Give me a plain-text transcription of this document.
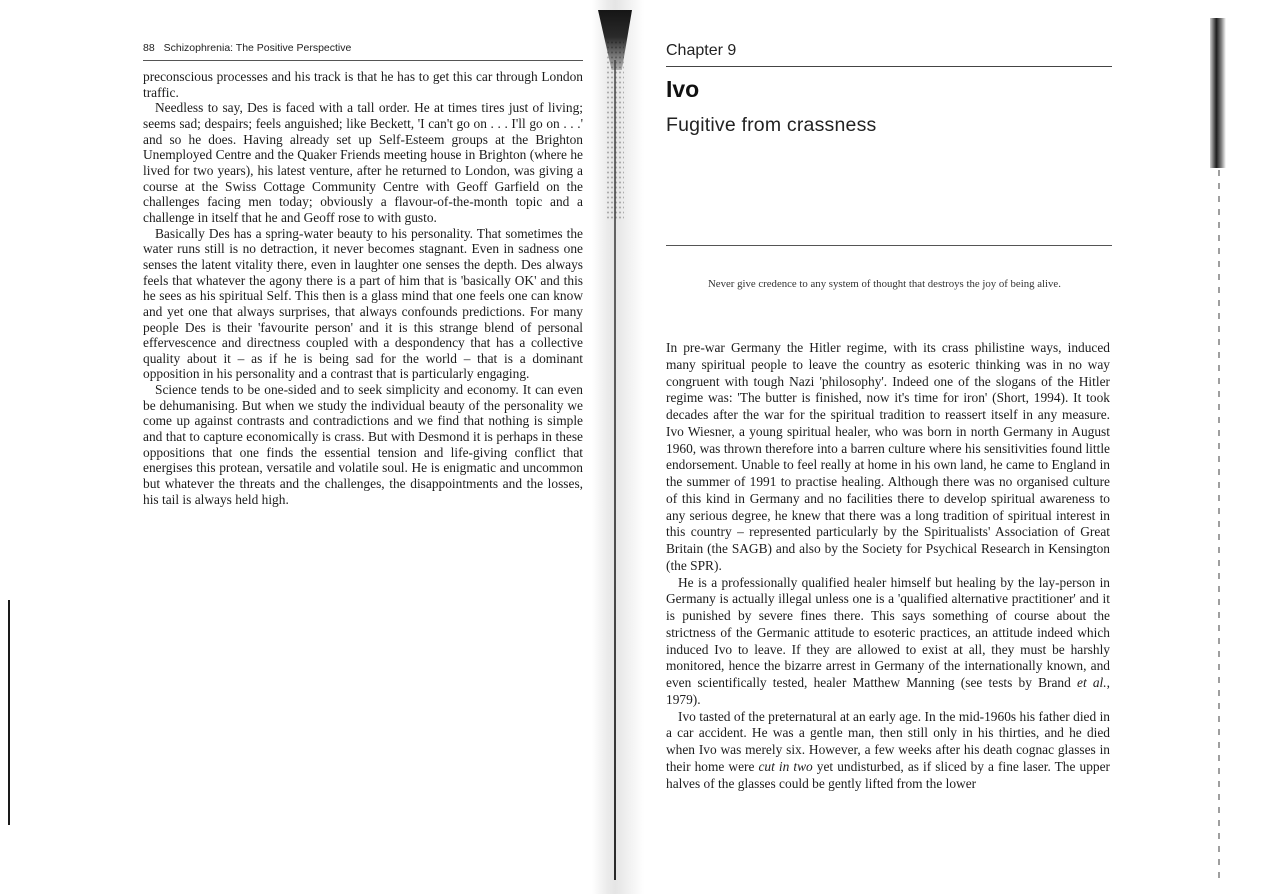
88 Schizophrenia: The Positive Perspective

preconscious processes and his track is that he has to get this car through London traffic.

Needless to say, Des is faced with a tall order. He at times tires just of living; seems sad; despairs; feels anguished; like Beckett, 'I can't go on . . . I'll go on . . .' and so he does. Having already set up Self-Esteem groups at the Brighton Unemployed Centre and the Quaker Friends meeting house in Brighton (where he lived for two years), his latest venture, after he returned to London, was giving a course at the Swiss Cottage Community Centre with Geoff Garfield on the challenges facing men today; obviously a flavour-of-the-month topic and a challenge in itself that he and Geoff rose to with gusto.

Basically Des has a spring-water beauty to his personality. That sometimes the water runs still is no detraction, it never becomes stagnant. Even in sadness one senses the latent vitality there, even in laughter one senses the depth. Des always feels that whatever the agony there is a part of him that is 'basically OK' and this he sees as his spiritual Self. This then is a glass mind that one feels one can know and yet one that always surprises, that always confounds predictions. For many people Des is their 'favourite person' and it is this strange blend of personal effervescence and directness coupled with a despondency that has a collective quality about it – as if he is being sad for the world – that is a dominant opposition in his personality and a contrast that is particularly engaging.

Science tends to be one-sided and to seek simplicity and economy. It can even be dehumanising. But when we study the individual beauty of the personality we come up against contrasts and contradictions and we find that nothing is simple and that to capture economically is crass. But with Desmond it is perhaps in these oppositions that one finds the essential tension and life-giving conflict that energises this protean, versatile and volatile soul. He is enigmatic and uncommon but whatever the threats and the challenges, the disappointments and the losses, his tail is always held high.

Chapter 9
Ivo
Fugitive from crassness

Never give credence to any system of thought that destroys the joy of being alive.

In pre-war Germany the Hitler regime, with its crass philistine ways, induced many spiritual people to leave the country as esoteric thinking was in no way congruent with tough Nazi 'philosophy'. Indeed one of the slogans of the Hitler regime was: 'The butter is finished, now it's time for iron' (Short, 1994). It took decades after the war for the spiritual tradition to reassert itself in any measure. Ivo Wiesner, a young spiritual healer, who was born in north Germany in August 1960, was thrown therefore into a barren culture where his sensitivities found little endorsement. Unable to feel really at home in his own land, he came to England in the summer of 1991 to practise healing. Although there was no organised culture of this kind in Germany and no facilities there to develop spiritual awareness to any serious degree, he knew that there was a long tradition of spiritual interest in this country – represented particularly by the Spiritualists' Association of Great Britain (the SAGB) and also by the Society for Psychical Research in Kensington (the SPR).

He is a professionally qualified healer himself but healing by the lay-person in Germany is actually illegal unless one is a 'qualified alternative practitioner' and it is punished by severe fines there. This says something of course about the strictness of the Germanic attitude to esoteric practices, an attitude indeed which induced Ivo to leave. If they are allowed to exist at all, they must be harshly monitored, hence the bizarre arrest in Germany of the internationally known, and even scientifically tested, healer Matthew Manning (see tests by Brand et al., 1979).

Ivo tasted of the preternatural at an early age. In the mid-1960s his father died in a car accident. He was a gentle man, then still only in his thirties, and he died when Ivo was merely six. However, a few weeks after his death cognac glasses in their home were cut in two yet undisturbed, as if sliced by a fine laser. The upper halves of the glasses could be gently lifted from the lower
